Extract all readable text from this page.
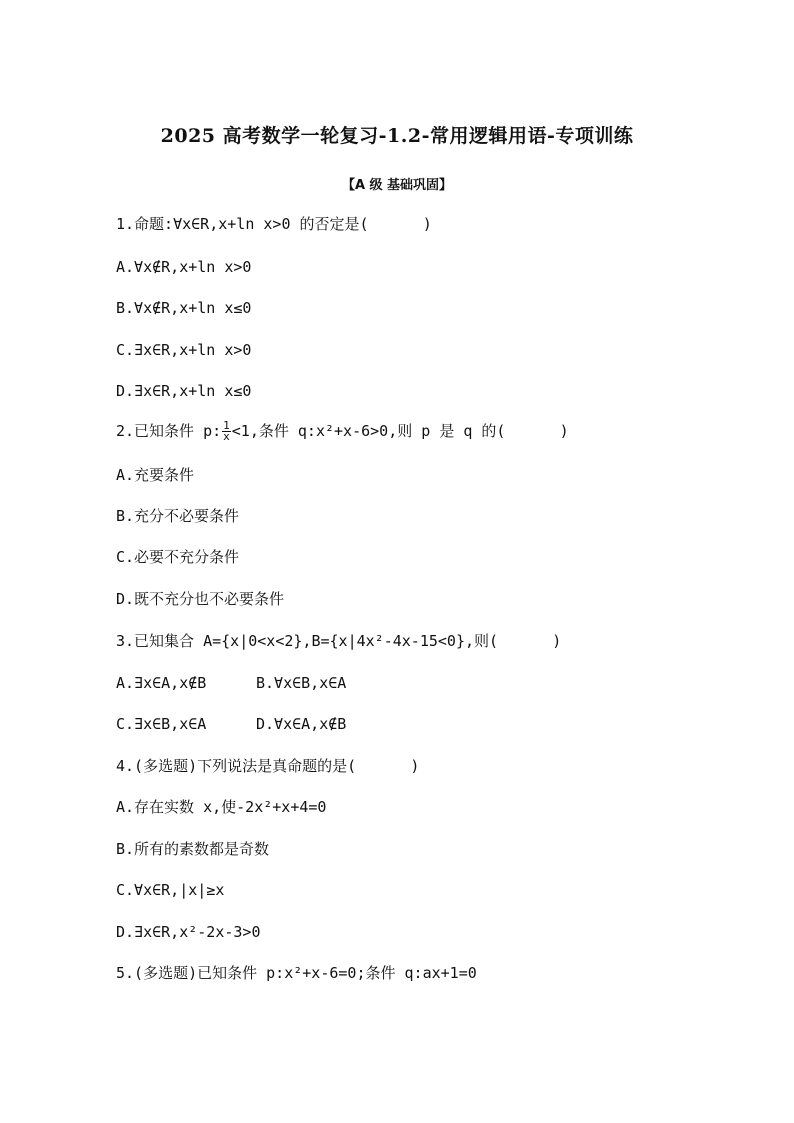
2025 高考数学一轮复习-1.2-常用逻辑用语-专项训练
【A 级 基础巩固】
1.命题:∀x∈R,x+ln x>0 的否定是(      )
A.∀x∉R,x+ln x>0
B.∀x∉R,x+ln x≤0
C.∃x∈R,x+ln x>0
D.∃x∈R,x+ln x≤0
2.已知条件 p: $\frac{1}{x} <1$,条件 q:x²+x-6>0,则 p 是 q 的(      )
A.充要条件
B.充分不必要条件
C.必要不充分条件
D.既不充分也不必要条件
3.已知集合 A={x|0<x<2},B={x|4x²-4x-15<0},则(      )
A.∃x∈A,x∉B	B.∀x∈B,x∈A
C.∃x∈B,x∈A	D.∀x∈A,x∉B
4.(多选题)下列说法是真命题的是(      )
A.存在实数 x,使-2x²+x+4=0
B.所有的素数都是奇数
C.∀x∈R,|x|≥x
D.∃x∈R,x²-2x-3>0
5.(多选题)已知条件 p:x²+x-6=0;条件 q:ax+1=0
